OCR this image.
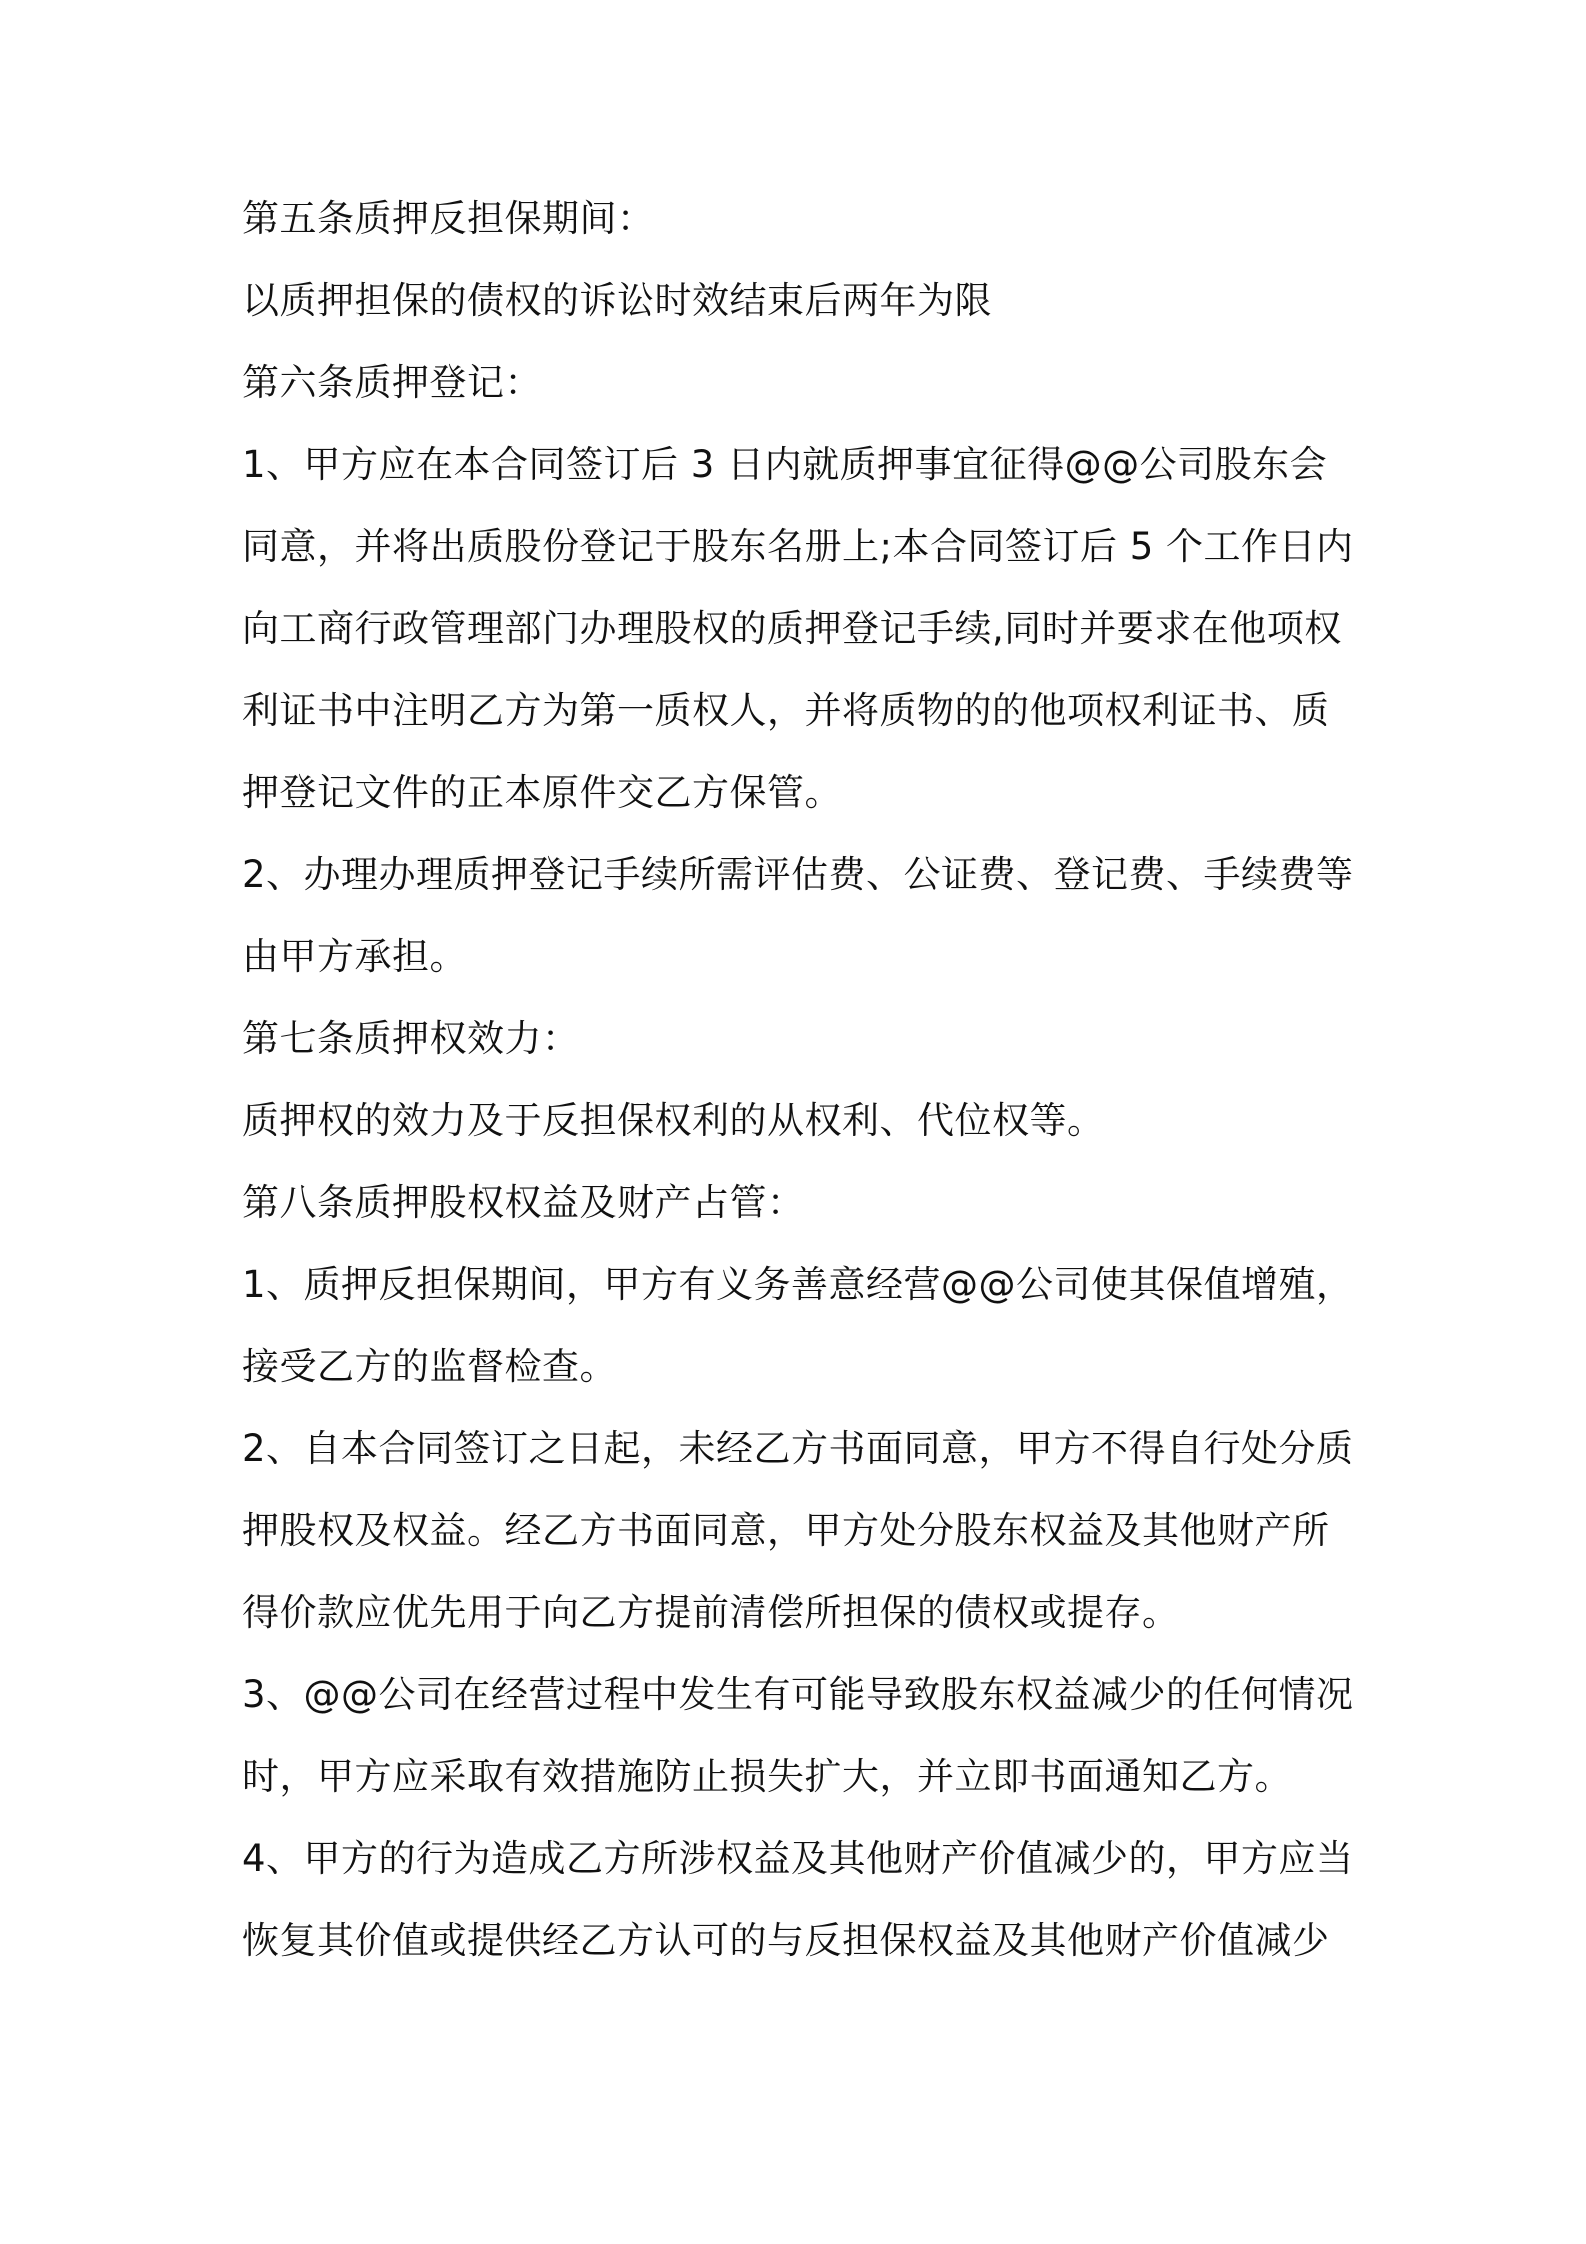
第五条质押反担保期间：

以质押担保的债权的诉讼时效结束后两年为限

第六条质押登记：

1、甲方应在本合同签订后 3 日内就质押事宜征得@@公司股东会同意，并将出质股份登记于股东名册上;本合同签订后 5 个工作日内向工商行政管理部门办理股权的质押登记手续,同时并要求在他项权利证书中注明乙方为第一质权人，并将质物的的他项权利证书、质押登记文件的正本原件交乙方保管。

2、办理办理质押登记手续所需评估费、公证费、登记费、手续费等由甲方承担。

第七条质押权效力：

质押权的效力及于反担保权利的从权利、代位权等。

第八条质押股权权益及财产占管：

1、质押反担保期间，甲方有义务善意经营@@公司使其保值增殖，接受乙方的监督检查。

2、自本合同签订之日起，未经乙方书面同意，甲方不得自行处分质押股权及权益。经乙方书面同意，甲方处分股东权益及其他财产所得价款应优先用于向乙方提前清偿所担保的债权或提存。

3、@@公司在经营过程中发生有可能导致股东权益减少的任何情况时，甲方应采取有效措施防止损失扩大，并立即书面通知乙方。

4、甲方的行为造成乙方所涉权益及其他财产价值减少的，甲方应当恢复其价值或提供经乙方认可的与反担保权益及其他财产价值减少
